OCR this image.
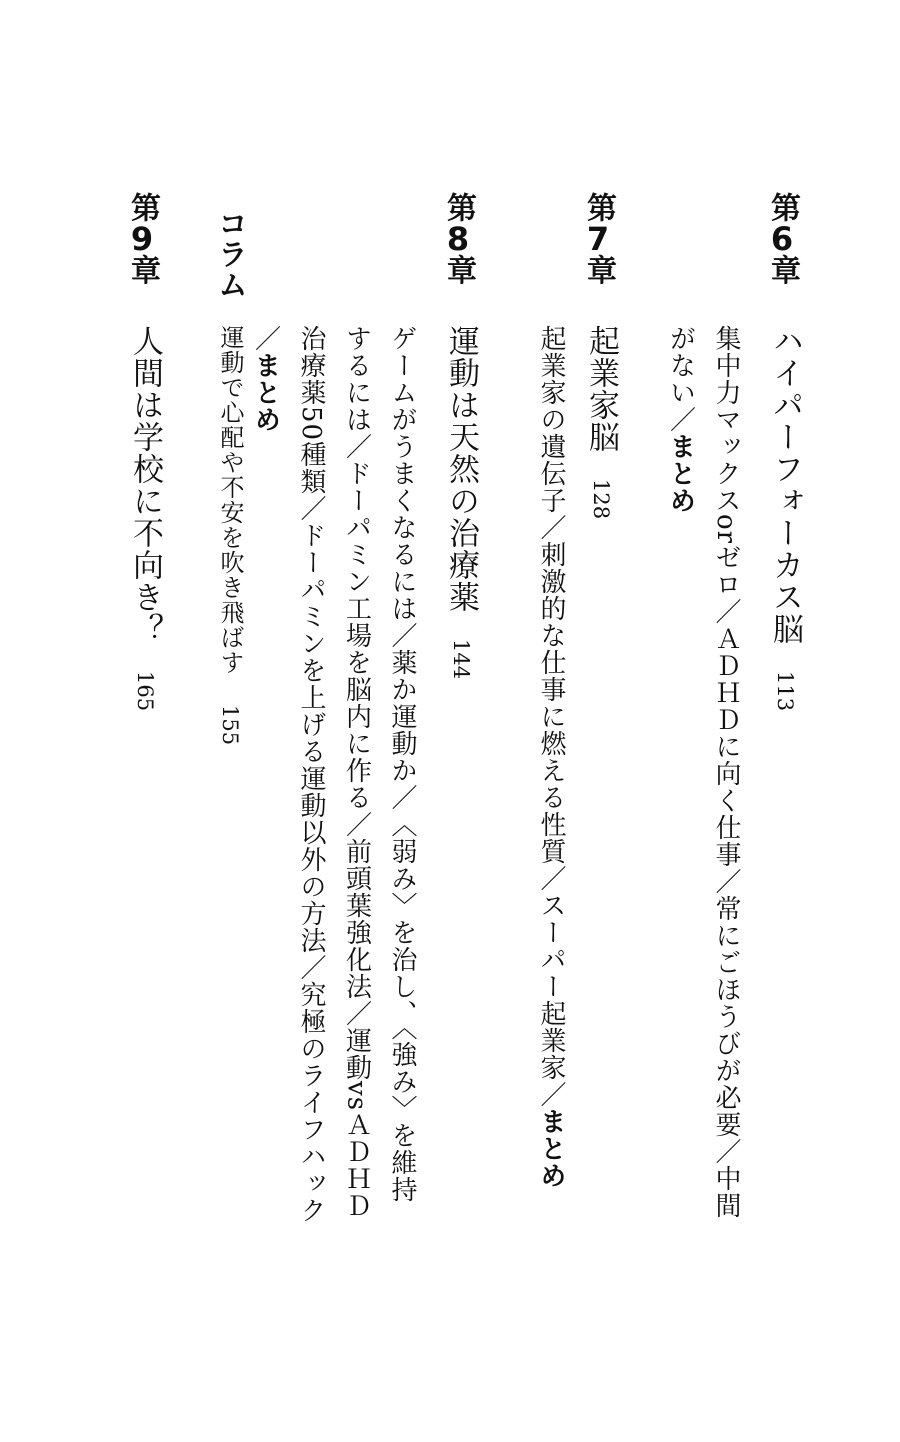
第6章
ハイパーフォーカス脳113
集中力マックスorゼロ／ＡＤＨＤに向く仕事／常にごほうびが必要／中間
がない／まとめ
第7章
起業家脳128
起業家の遺伝子／刺激的な仕事に燃える性質／スーパー起業家／まとめ
第8章
運動は天然の治療薬144
ゲームがうまくなるには／薬か運動か／〈弱み〉を治し、〈強み〉を維持
するには／ドーパミン工場を脳内に作る／前頭葉強化法／運動vsＡＤＨＤ
治療薬50種類／ドーパミンを上げる運動以外の方法／究極のライフハック
／まとめ
コラム
運動で心配や不安を吹き飛ばす155
第9章
人間は学校に不向き？165
